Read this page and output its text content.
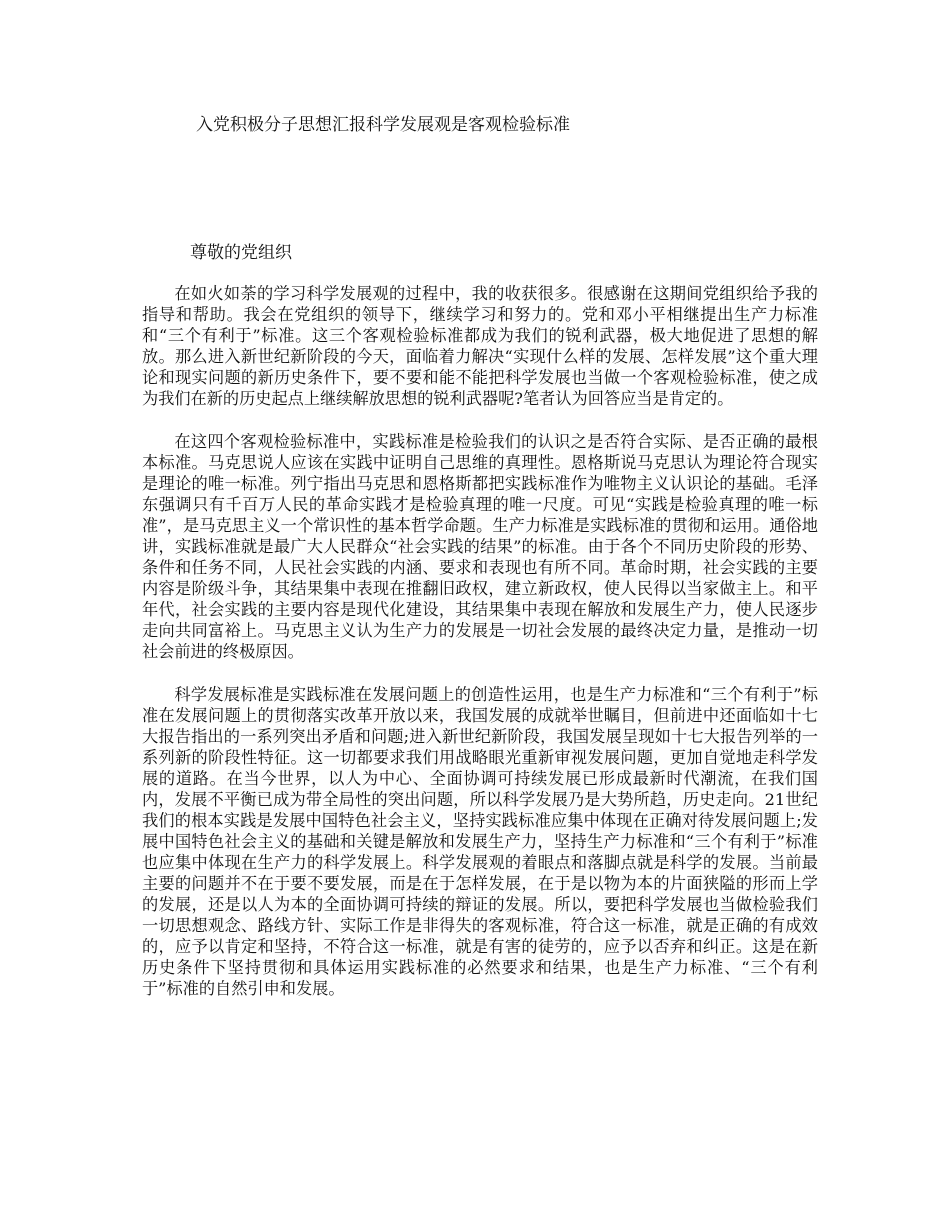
入党积极分子思想汇报科学发展观是客观检验标准

尊敬的党组织

在如火如荼的学习科学发展观的过程中，我的收获很多。很感谢在这期间党组织给予我的指导和帮助。我会在党组织的领导下，继续学习和努力的。党和邓小平相继提出生产力标准和“三个有利于”标准。这三个客观检验标准都成为我们的锐利武器，极大地促进了思想的解放。那么进入新世纪新阶段的今天，面临着力解决“实现什么样的发展、怎样发展”这个重大理论和现实问题的新历史条件下，要不要和能不能把科学发展也当做一个客观检验标准，使之成为我们在新的历史起点上继续解放思想的锐利武器呢?笔者认为回答应当是肯定的。

在这四个客观检验标准中，实践标准是检验我们的认识之是否符合实际、是否正确的最根本标准。马克思说人应该在实践中证明自己思维的真理性。恩格斯说马克思认为理论符合现实是理论的唯一标准。列宁指出马克思和恩格斯都把实践标准作为唯物主义认识论的基础。毛泽东强调只有千百万人民的革命实践才是检验真理的唯一尺度。可见“实践是检验真理的唯一标准”，是马克思主义一个常识性的基本哲学命题。生产力标准是实践标准的贯彻和运用。通俗地讲，实践标准就是最广大人民群众“社会实践的结果”的标准。由于各个不同历史阶段的形势、条件和任务不同，人民社会实践的内涵、要求和表现也有所不同。革命时期，社会实践的主要内容是阶级斗争，其结果集中表现在推翻旧政权，建立新政权，使人民得以当家做主上。和平年代，社会实践的主要内容是现代化建设，其结果集中表现在解放和发展生产力，使人民逐步走向共同富裕上。马克思主义认为生产力的发展是一切社会发展的最终决定力量，是推动一切社会前进的终极原因。

科学发展标准是实践标准在发展问题上的创造性运用，也是生产力标准和“三个有利于”标准在发展问题上的贯彻落实改革开放以来，我国发展的成就举世瞩目，但前进中还面临如十七大报告指出的一系列突出矛盾和问题;进入新世纪新阶段，我国发展呈现如十七大报告列举的一系列新的阶段性特征。这一切都要求我们用战略眼光重新审视发展问题，更加自觉地走科学发展的道路。在当今世界，以人为中心、全面协调可持续发展已形成最新时代潮流，在我们国内，发展不平衡已成为带全局性的突出问题，所以科学发展乃是大势所趋，历史走向。21世纪我们的根本实践是发展中国特色社会主义，坚持实践标准应集中体现在正确对待发展问题上;发展中国特色社会主义的基础和关键是解放和发展生产力，坚持生产力标准和“三个有利于”标准也应集中体现在生产力的科学发展上。科学发展观的着眼点和落脚点就是科学的发展。当前最主要的问题并不在于要不要发展，而是在于怎样发展，在于是以物为本的片面狭隘的形而上学的发展，还是以人为本的全面协调可持续的辩证的发展。所以，要把科学发展也当做检验我们一切思想观念、路线方针、实际工作是非得失的客观标准，符合这一标准，就是正确的有成效的，应予以肯定和坚持，不符合这一标准，就是有害的徒劳的，应予以否弃和纠正。这是在新历史条件下坚持贯彻和具体运用实践标准的必然要求和结果，也是生产力标准、“三个有利于”标准的自然引申和发展。
